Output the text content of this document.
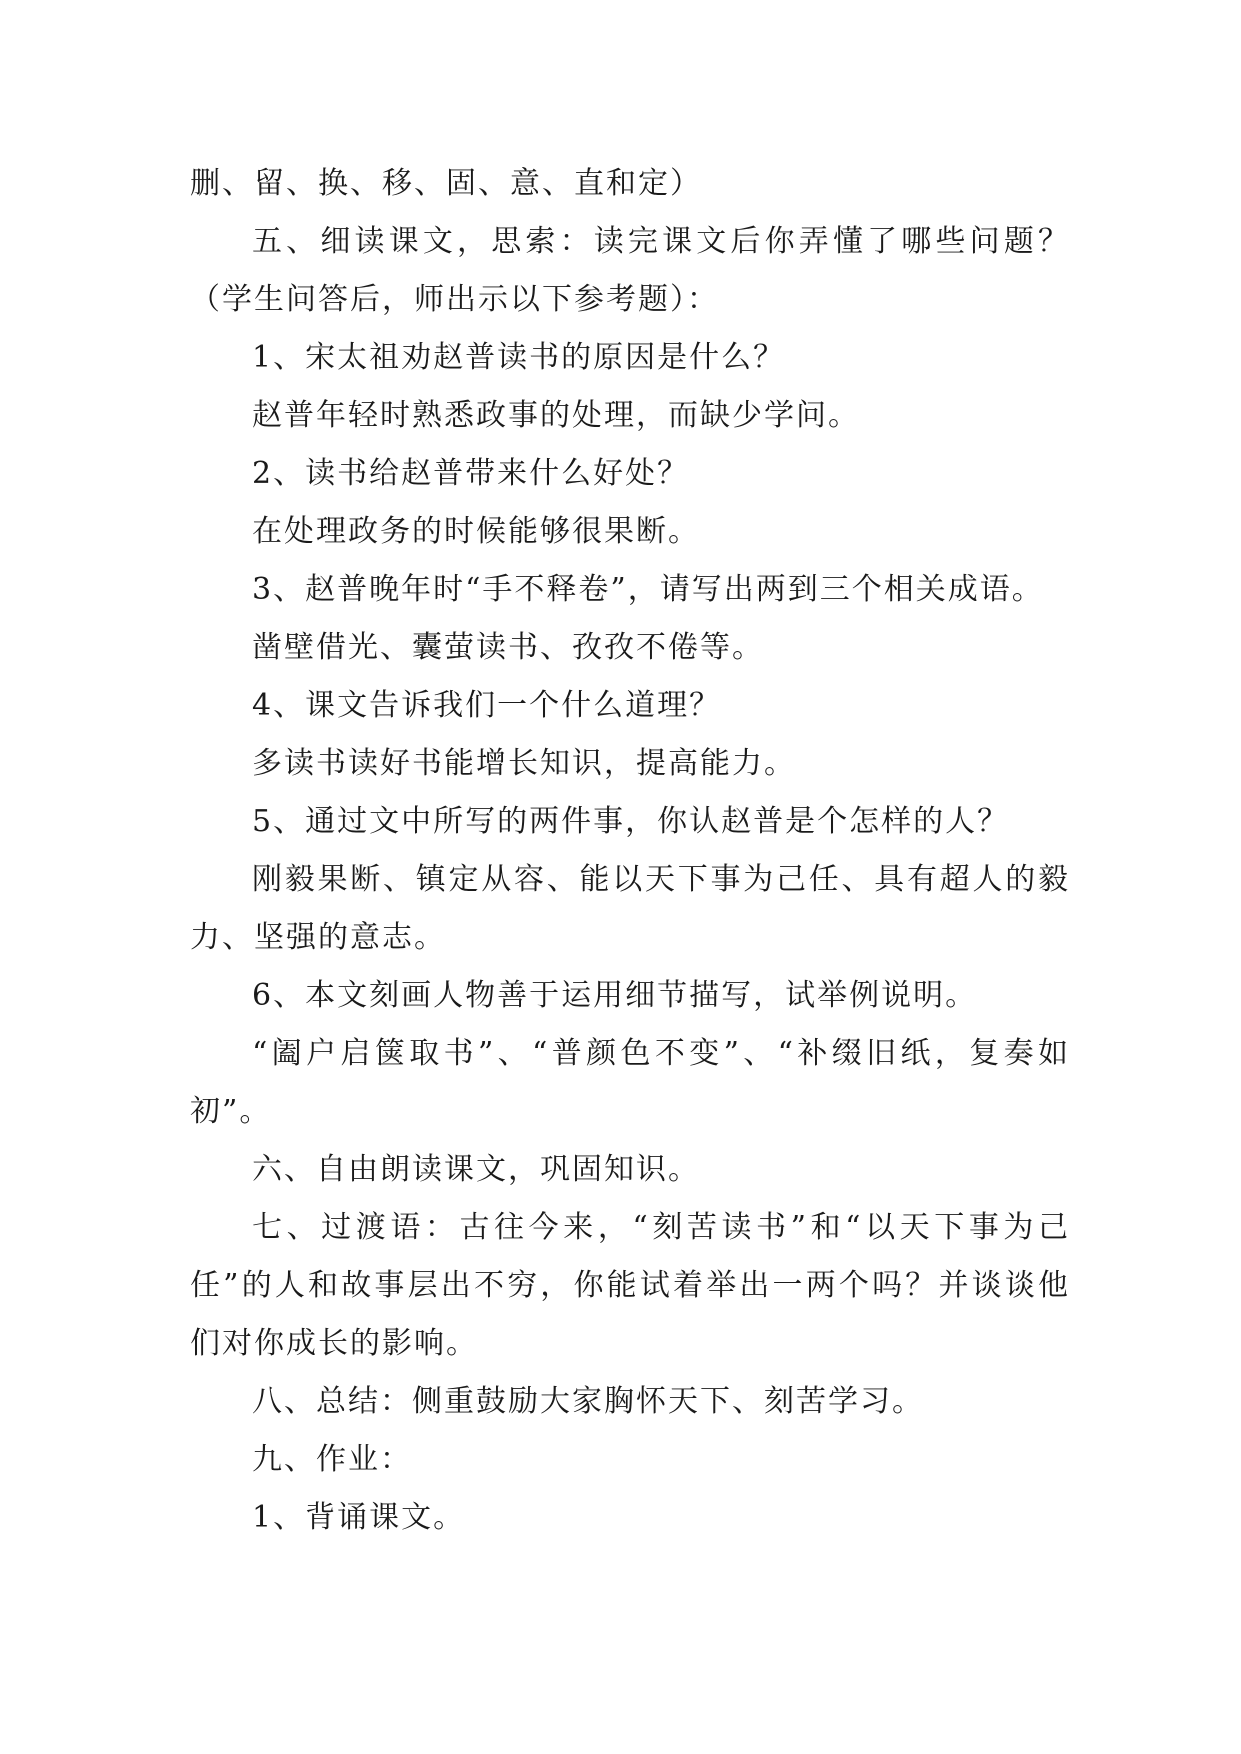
删、留、换、移、固、意、直和定）

五、细读课文，思索：读完课文后你弄懂了哪些问题？（学生问答后，师出示以下参考题）：

1、宋太祖劝赵普读书的原因是什么？

赵普年轻时熟悉政事的处理，而缺少学问。

2、读书给赵普带来什么好处？

在处理政务的时候能够很果断。

3、赵普晚年时“手不释卷”，请写出两到三个相关成语。

凿壁借光、囊萤读书、孜孜不倦等。

4、课文告诉我们一个什么道理？

多读书读好书能增长知识，提高能力。

5、通过文中所写的两件事，你认赵普是个怎样的人？

刚毅果断、镇定从容、能以天下事为己任、具有超人的毅力、坚强的意志。

6、本文刻画人物善于运用细节描写，试举例说明。

“阖户启箧取书”、“普颜色不变”、“补缀旧纸，复奏如初”。

六、自由朗读课文，巩固知识。

七、过渡语：古往今来，“刻苦读书”和“以天下事为己任”的人和故事层出不穷，你能试着举出一两个吗？并谈谈他们对你成长的影响。

八、总结：侧重鼓励大家胸怀天下、刻苦学习。

九、作业：

1、背诵课文。
